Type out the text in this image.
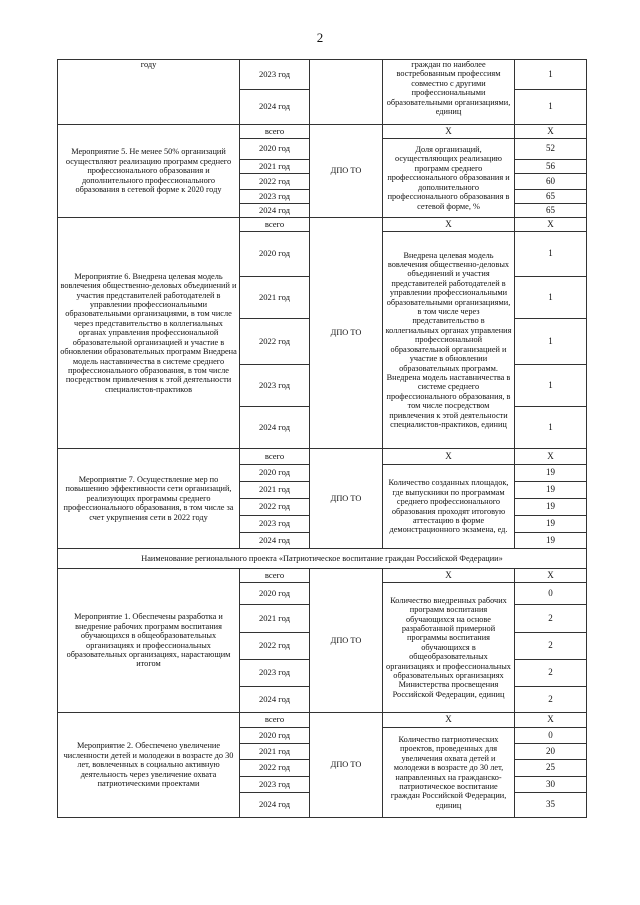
2
году	2023 год		граждан по наиболее востребованным профессиям совместно с другими профессиональными образовательными организациями, единиц	1
	2024 год			1
Мероприятие 5. Не менее 50% организаций осуществляют реализацию программ среднего профессионального образования и дополнительного профессионального образования в сетевой форме к 2020 году	всего	ДПО ТО	X	X
	2020 год		Доля организаций, осуществляющих реализацию программ среднего профессионального образования и дополнительного профессионального образования в сетевой форме, %	52
	2021 год			56
	2022 год			60
	2023 год			65
	2024 год			65
Мероприятие 6. Внедрена целевая модель вовлечения общественно-деловых объединений и участия представителей работодателей в управлении профессиональными образовательными организациями, в том числе через представительство в коллегиальных органах управления профессиональной образовательной организацией и участие в обновлении образовательных программ Внедрена модель наставничества в системе среднего профессионального образования, в том числе посредством привлечения к этой деятельности специалистов-практиков	всего	ДПО ТО	X	X
	2020 год		Внедрена целевая модель вовлечения общественно-деловых объединений и участия представителей работодателей в управлении профессиональными образовательными организациями, в том числе через представительство в коллегиальных органах управления профессиональной образовательной организацией и участие в обновлении образовательных программ. Внедрена модель наставничества в системе среднего профессионального образования, в том числе посредством привлечения к этой деятельности специалистов-практиков, единиц	1
	2021 год			1
	2022 год			1
	2023 год			1
	2024 год			1
Мероприятие 7. Осуществление мер по повышению эффективности сети организаций, реализующих программы среднего профессионального образования, в том числе за счет укрупнения сети в 2022 году	всего	ДПО ТО	X	X
	2020 год		Количество созданных площадок, где выпускники по программам среднего профессионального образования проходят итоговую аттестацию в форме демонстрационного экзамена, ед.	19
	2021 год			19
	2022 год			19
	2023 год			19
	2024 год			19
Наименование регионального проекта «Патриотическое воспитание граждан Российской Федерации»				
Мероприятие 1. Обеспечены разработка и внедрение рабочих программ воспитания обучающихся в общеобразовательных организациях и профессиональных образовательных организациях, нарастающим итогом	всего	ДПО ТО	X	X
	2020 год		Количество внедренных рабочих программ воспитания обучающихся на основе разработанной примерной программы воспитания обучающихся в общеобразовательных организациях и профессиональных образовательных организациях Министерства просвещения Российской Федерации, единиц	0
	2021 год			2
	2022 год			2
	2023 год			2
	2024 год			2
Мероприятие 2. Обеспечено увеличение численности детей и молодежи в возрасте до 30 лет, вовлеченных в социально активную деятельность через увеличение охвата патриотическими проектами	всего	ДПО ТО	X	X
	2020 год		Количество патриотических проектов, проведенных для увеличения охвата детей и молодежи в возрасте до 30 лет, направленных на гражданско-патриотическое воспитание граждан Российской Федерации, единиц	0
	2021 год			20
	2022 год			25
	2023 год			30
	2024 год			35
